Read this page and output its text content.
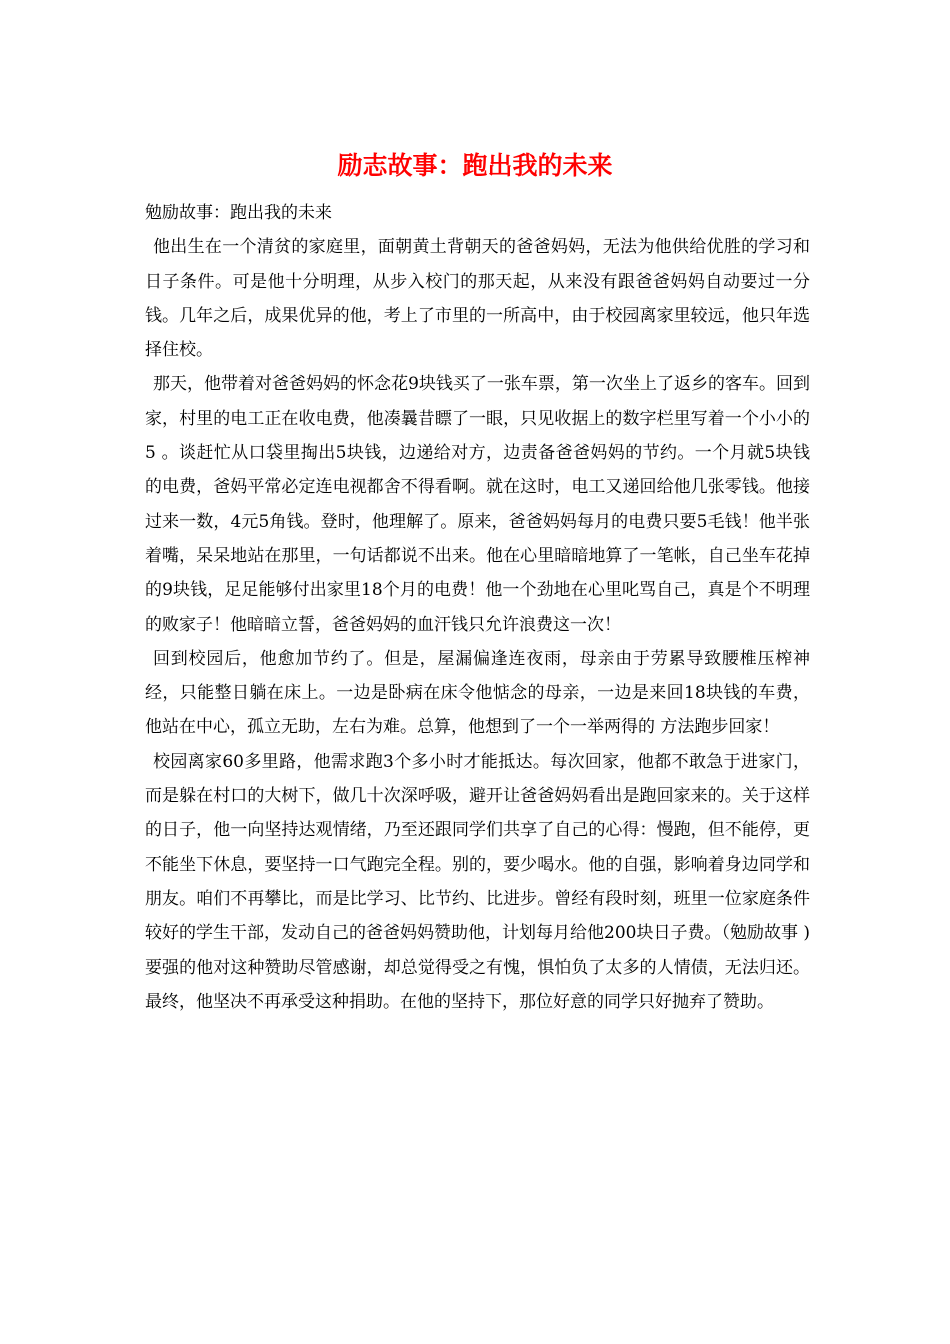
励志故事：跑出我的未来

勉励故事：跑出我的未来

他出生在一个清贫的家庭里，面朝黄土背朝天的爸爸妈妈，无法为他供给优胜的学习和日子条件。可是他十分明理，从步入校门的那天起，从来没有跟爸爸妈妈自动要过一分钱。几年之后，成果优异的他，考上了市里的一所高中，由于校园离家里较远，他只年选择住校。

那天，他带着对爸爸妈妈的怀念花9块钱买了一张车票，第一次坐上了返乡的客车。回到家，村里的电工正在收电费，他凑曩昔瞟了一眼，只见收据上的数字栏里写着一个小小的 5 。谈赶忙从口袋里掏出5块钱，边递给对方，边责备爸爸妈妈的节约。一个月就5块钱的电费，爸妈平常必定连电视都舍不得看啊。就在这时，电工又递回给他几张零钱。他接过来一数，4元5角钱。登时，他理解了。原来，爸爸妈妈每月的电费只要5毛钱！他半张着嘴，呆呆地站在那里，一句话都说不出来。他在心里暗暗地算了一笔帐，自己坐车花掉的9块钱，足足能够付出家里18个月的电费！他一个劲地在心里叱骂自己，真是个不明理的败家子！他暗暗立誓，爸爸妈妈的血汗钱只允许浪费这一次！

回到校园后，他愈加节约了。但是，屋漏偏逢连夜雨，母亲由于劳累导致腰椎压榨神经，只能整日躺在床上。一边是卧病在床令他惦念的母亲，一边是来回18块钱的车费，他站在中心，孤立无助，左右为难。总算，他想到了一个一举两得的 方法跑步回家！

校园离家60多里路，他需求跑3个多小时才能抵达。每次回家，他都不敢急于进家门，而是躲在村口的大树下，做几十次深呼吸，避开让爸爸妈妈看出是跑回家来的。关于这样的日子，他一向坚持达观情绪，乃至还跟同学们共享了自己的心得：慢跑，但不能停，更不能坐下休息，要坚持一口气跑完全程。别的，要少喝水。他的自强，影响着身边同学和朋友。咱们不再攀比，而是比学习、比节约、比进步。曾经有段时刻，班里一位家庭条件较好的学生干部，发动自己的爸爸妈妈赞助他，计划每月给他200块日子费。（勉励故事 )要强的他对这种赞助尽管感谢，却总觉得受之有愧，惧怕负了太多的人情债，无法归还。最终，他坚决不再承受这种捐助。在他的坚持下，那位好意的同学只好抛弃了赞助。
